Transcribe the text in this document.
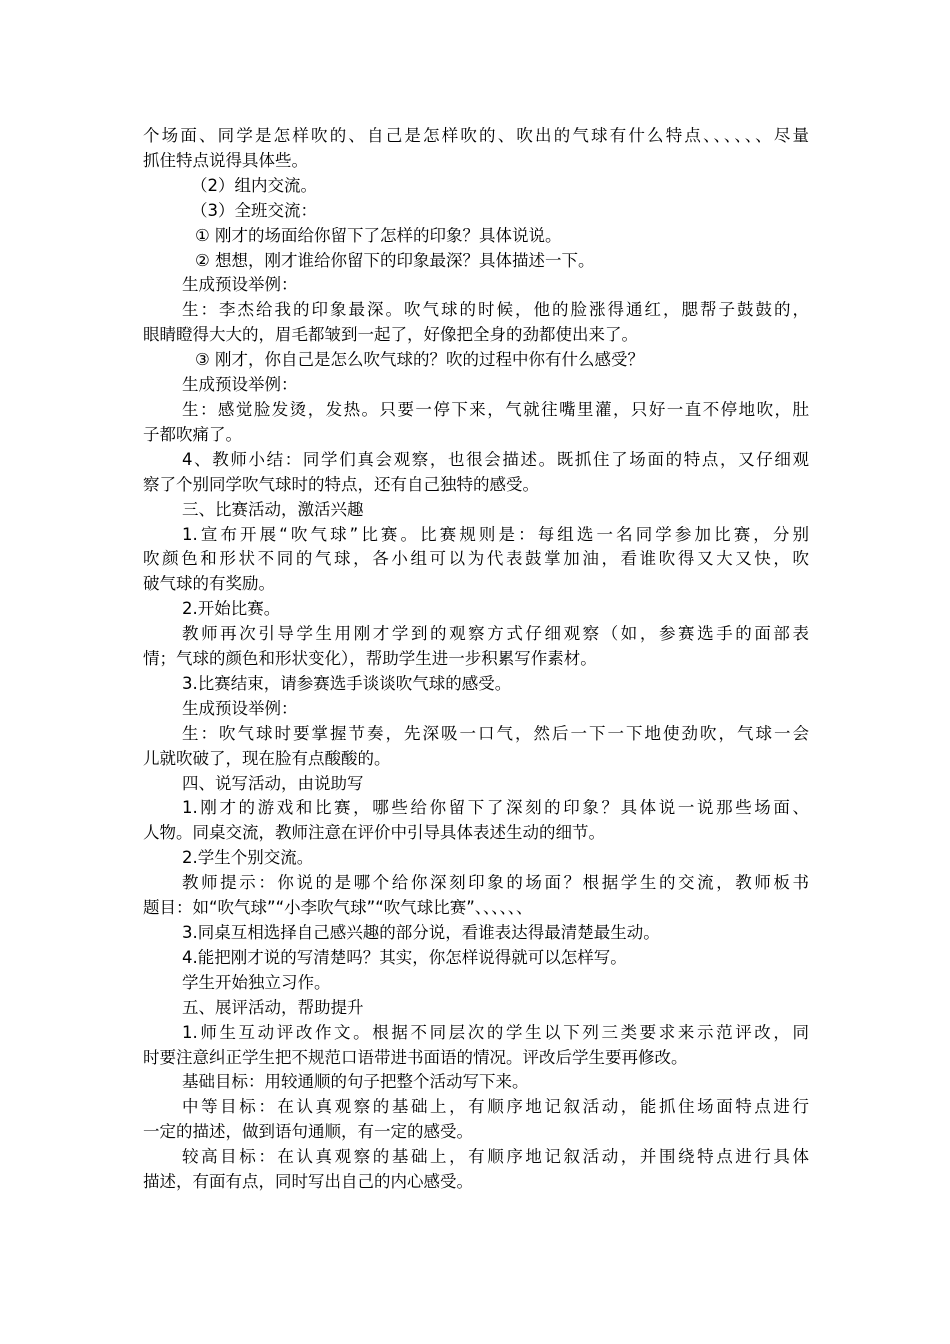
个场面、同学是怎样吹的、自己是怎样吹的、吹出的气球有什么特点、、、、、、尽量
抓住特点说得具体些。
（2）组内交流。
（3）全班交流：
① 刚才的场面给你留下了怎样的印象？具体说说。
② 想想，刚才谁给你留下的印象最深？具体描述一下。
生成预设举例：
生：李杰给我的印象最深。吹气球的时候，他的脸涨得通红，腮帮子鼓鼓的，
眼睛瞪得大大的，眉毛都皱到一起了，好像把全身的劲都使出来了。
③ 刚才，你自己是怎么吹气球的？吹的过程中你有什么感受？
生成预设举例：
生：感觉脸发烫，发热。只要一停下来，气就往嘴里灌，只好一直不停地吹，肚
子都吹痛了。
4、教师小结：同学们真会观察，也很会描述。既抓住了场面的特点，又仔细观
察了个别同学吹气球时的特点，还有自己独特的感受。
三、比赛活动，激活兴趣
1.宣布开展“吹气球”比赛。比赛规则是：每组选一名同学参加比赛，分别
吹颜色和形状不同的气球，各小组可以为代表鼓掌加油，看谁吹得又大又快，吹
破气球的有奖励。
2.开始比赛。
教师再次引导学生用刚才学到的观察方式仔细观察（如，参赛选手的面部表
情；气球的颜色和形状变化），帮助学生进一步积累写作素材。
3.比赛结束，请参赛选手谈谈吹气球的感受。
生成预设举例：
生：吹气球时要掌握节奏，先深吸一口气，然后一下一下地使劲吹，气球一会
儿就吹破了，现在脸有点酸酸的。
四、说写活动，由说助写
1.刚才的游戏和比赛，哪些给你留下了深刻的印象？具体说一说那些场面、
人物。同桌交流，教师注意在评价中引导具体表述生动的细节。
2.学生个别交流。
教师提示：你说的是哪个给你深刻印象的场面？根据学生的交流，教师板书
题目：如“吹气球”“小李吹气球”“吹气球比赛”、、、、、、
3.同桌互相选择自己感兴趣的部分说，看谁表达得最清楚最生动。
4.能把刚才说的写清楚吗？其实，你怎样说得就可以怎样写。
学生开始独立习作。
五、展评活动，帮助提升
1.师生互动评改作文。根据不同层次的学生以下列三类要求来示范评改，同
时要注意纠正学生把不规范口语带进书面语的情况。评改后学生要再修改。
基础目标：用较通顺的句子把整个活动写下来。
中等目标：在认真观察的基础上，有顺序地记叙活动，能抓住场面特点进行
一定的描述，做到语句通顺，有一定的感受。
较高目标：在认真观察的基础上，有顺序地记叙活动，并围绕特点进行具体
描述，有面有点，同时写出自己的内心感受。
